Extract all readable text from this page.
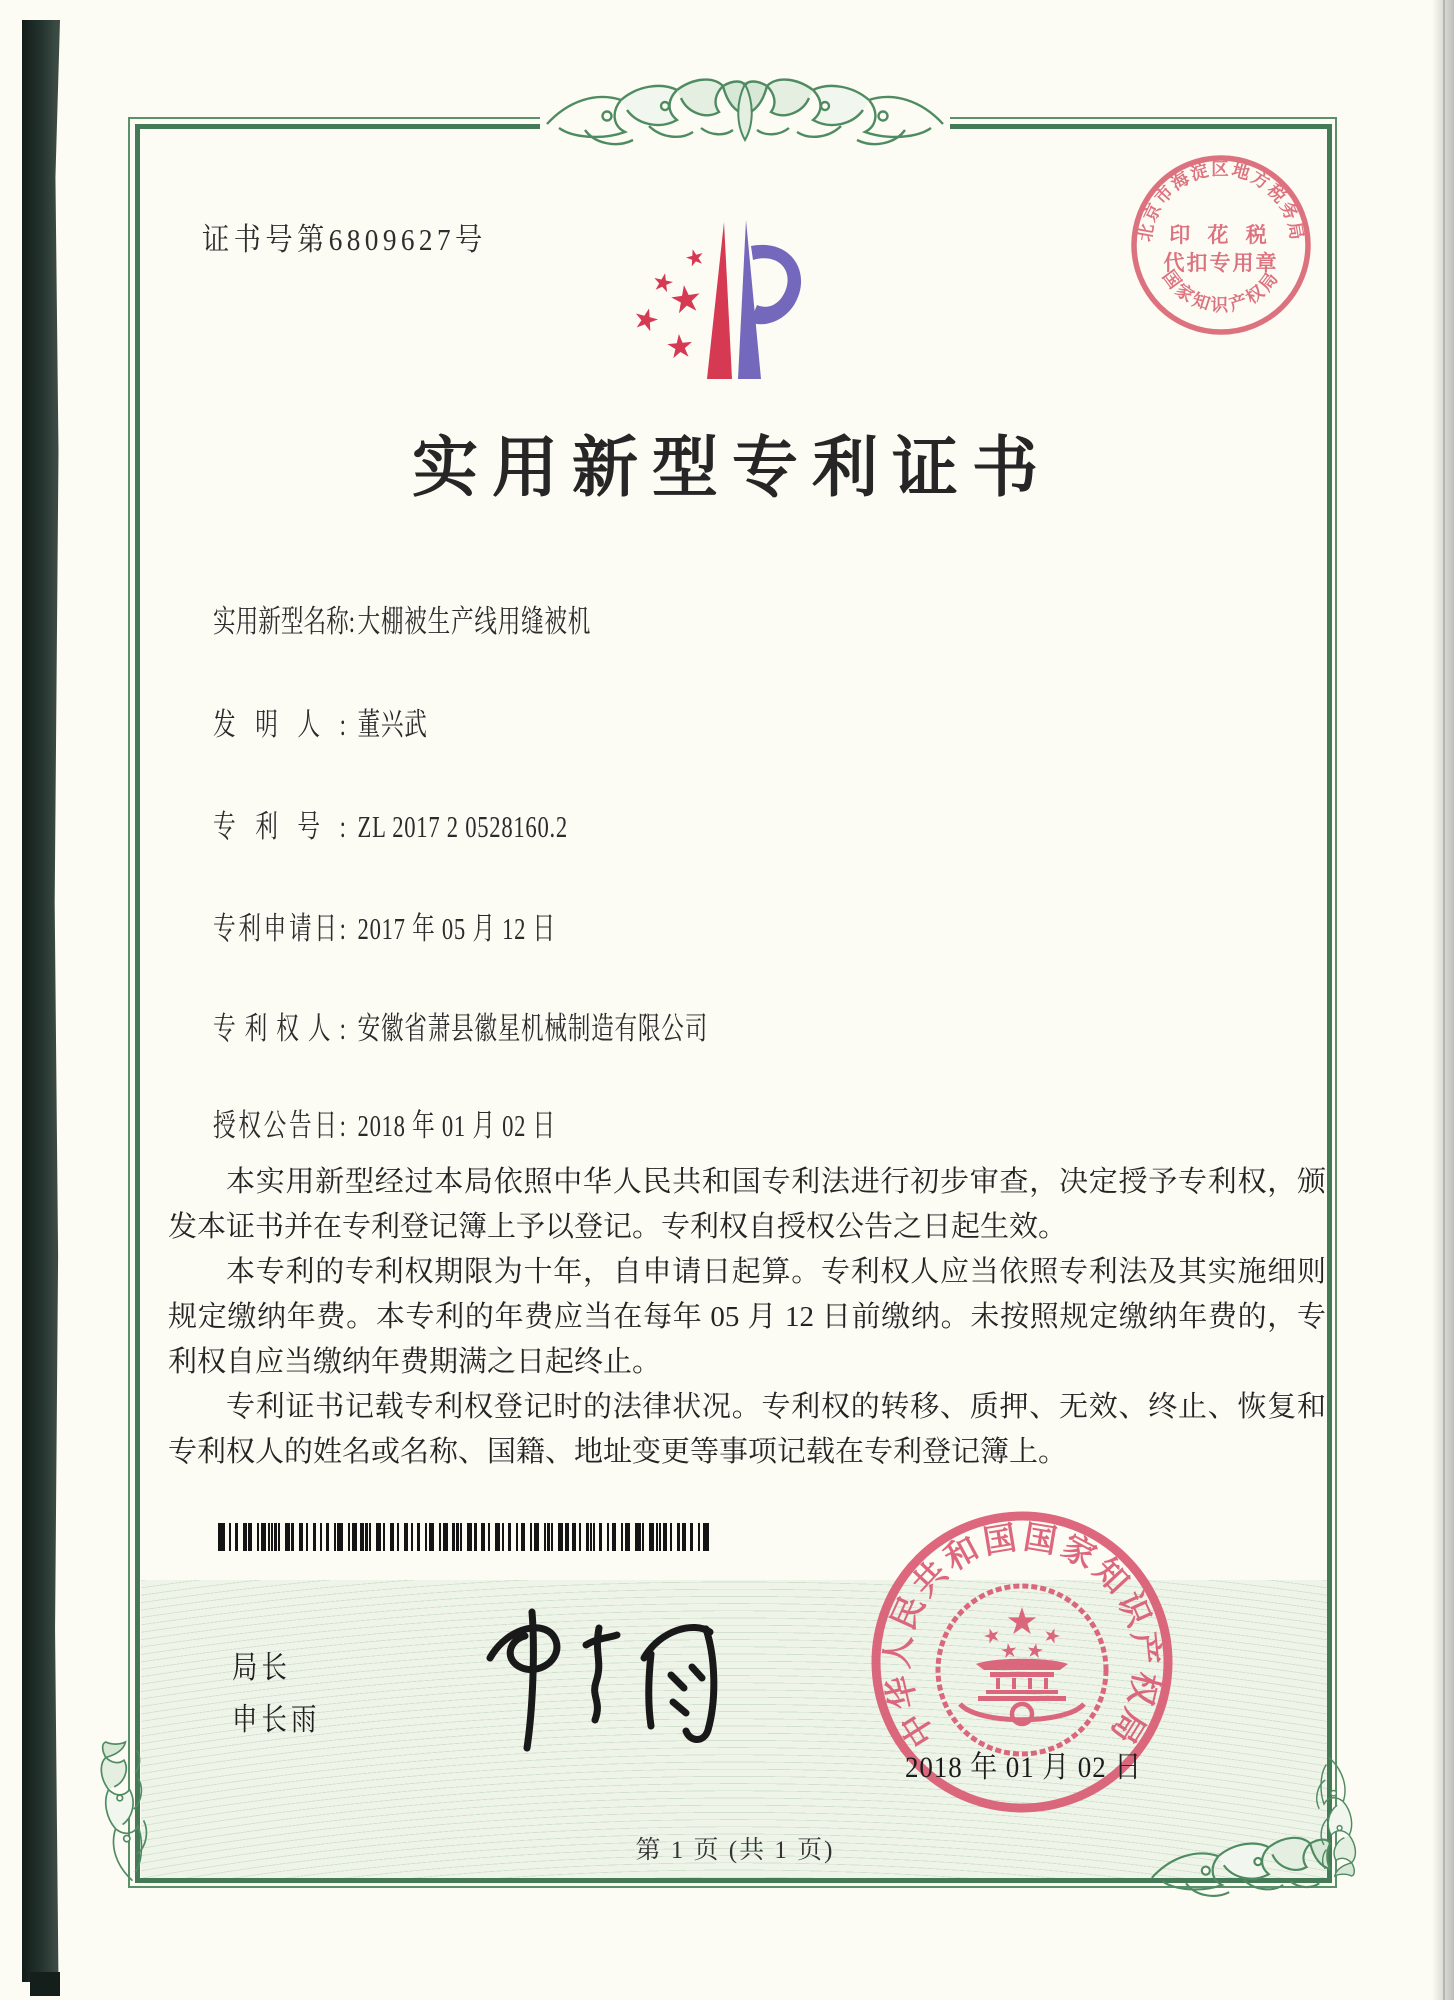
证书号第6809627号	北京市海淀区地方税务局
印 花 税
代扣专用章
国家知识产权局
实用新型专利证书
实用新型名称:大棚被生产线用缝被机
发明人: 董兴武
专利号: ZL 2017 2 0528160.2
专利申请日: 2017 年 05 月 12 日
专利权人: 安徽省萧县徽星机械制造有限公司
授权公告日: 2018 年 01 月 02 日

本实用新型经过本局依照中华人民共和国专利法进行初步审查，决定授予专利权，颁发本证书并在专利登记簿上予以登记。专利权自授权公告之日起生效。

本专利的专利权期限为十年，自申请日起算。专利权人应当依照专利法及其实施细则规定缴纳年费。本专利的年费应当在每年 05 月 12 日前缴纳。未按照规定缴纳年费的，专利权自应当缴纳年费期满之日起终止。

专利证书记载专利权登记时的法律状况。专利权的转移、质押、无效、终止、恢复和专利权人的姓名或名称、国籍、地址变更等事项记载在专利登记簿上。

局长
申长雨	中华人民共和国国家知识产权局
2018 年 01 月 02 日
第 1 页 (共 1 页)
